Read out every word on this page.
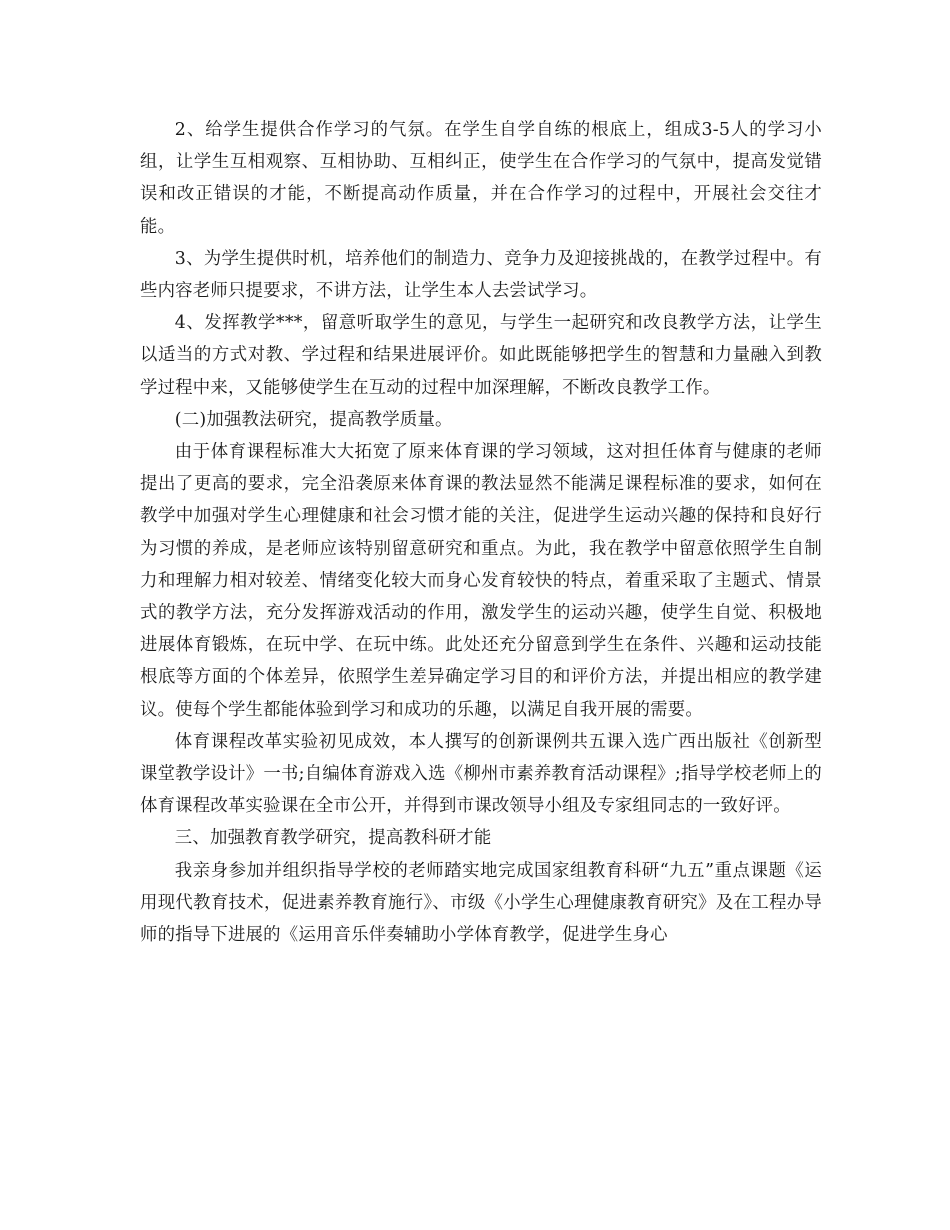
2、给学生提供合作学习的气氛。在学生自学自练的根底上，组成3-5人的学习小组，让学生互相观察、互相协助、互相纠正，使学生在合作学习的气氛中，提高发觉错误和改正错误的才能，不断提高动作质量，并在合作学习的过程中，开展社会交往才能。

3、为学生提供时机，培养他们的制造力、竞争力及迎接挑战的，在教学过程中。有些内容老师只提要求，不讲方法，让学生本人去尝试学习。

4、发挥教学***，留意听取学生的意见，与学生一起研究和改良教学方法，让学生以适当的方式对教、学过程和结果进展评价。如此既能够把学生的智慧和力量融入到教学过程中来，又能够使学生在互动的过程中加深理解，不断改良教学工作。

(二)加强教法研究，提高教学质量。

由于体育课程标准大大拓宽了原来体育课的学习领域，这对担任体育与健康的老师提出了更高的要求，完全沿袭原来体育课的教法显然不能满足课程标准的要求，如何在教学中加强对学生心理健康和社会习惯才能的关注，促进学生运动兴趣的保持和良好行为习惯的养成，是老师应该特别留意研究和重点。为此，我在教学中留意依照学生自制力和理解力相对较差、情绪变化较大而身心发育较快的特点，着重采取了主题式、情景式的教学方法，充分发挥游戏活动的作用，激发学生的运动兴趣，使学生自觉、积极地进展体育锻炼，在玩中学、在玩中练。此处还充分留意到学生在条件、兴趣和运动技能根底等方面的个体差异，依照学生差异确定学习目的和评价方法，并提出相应的教学建议。使每个学生都能体验到学习和成功的乐趣，以满足自我开展的需要。

体育课程改革实验初见成效，本人撰写的创新课例共五课入选广西出版社《创新型课堂教学设计》一书;自编体育游戏入选《柳州市素养教育活动课程》;指导学校老师上的体育课程改革实验课在全市公开，并得到市课改领导小组及专家组同志的一致好评。

三、加强教育教学研究，提高教科研才能

我亲身参加并组织指导学校的老师踏实地完成国家组教育科研“九五”重点课题《运用现代教育技术，促进素养教育施行》、市级《小学生心理健康教育研究》及在工程办导师的指导下进展的《运用音乐伴奏辅助小学体育教学，促进学生身心
